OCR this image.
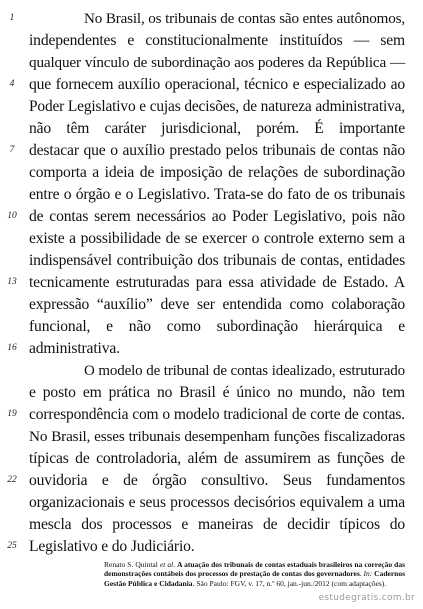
1
4
7
10
13
16
19
22
25
No Brasil, os tribunais de contas são entes autônomos,
independentes e constitucionalmente instituídos — sem
qualquer vínculo de subordinação aos poderes da República —
que fornecem auxílio operacional, técnico e especializado ao
Poder Legislativo e cujas decisões, de natureza administrativa,
não têm caráter jurisdicional, porém. É importante
destacar que o auxílio prestado pelos tribunais de contas não
comporta a ideia de imposição de relações de subordinação
entre o órgão e o Legislativo. Trata-se do fato de os tribunais
de contas serem necessários ao Poder Legislativo, pois não
existe a possibilidade de se exercer o controle externo sem a
indispensável contribuição dos tribunais de contas, entidades
tecnicamente estruturadas para essa atividade de Estado. A
expressão “auxílio” deve ser entendida como colaboração
funcional, e não como subordinação hierárquica e
administrativa.
O modelo de tribunal de contas idealizado, estruturado
e posto em prática no Brasil é único no mundo, não tem
correspondência com o modelo tradicional de corte de contas.
No Brasil, esses tribunais desempenham funções fiscalizadoras
típicas de controladoria, além de assumirem as funções de
ouvidoria e de órgão consultivo. Seus fundamentos
organizacionais e seus processos decisórios equivalem a uma
mescla dos processos e maneiras de decidir típicos do
Legislativo e do Judiciário.
Renato S. Quintal et al. A atuação dos tribunais de contas estaduais brasileiros na correção das demonstrações contábeis dos processos de prestação de contas dos governadores. In: Cadernos Gestão Pública e Cidadania. São Paulo: FGV, v. 17, n.º 60, jan.-jun./2012 (com adaptações).
estudegratis.com.br
